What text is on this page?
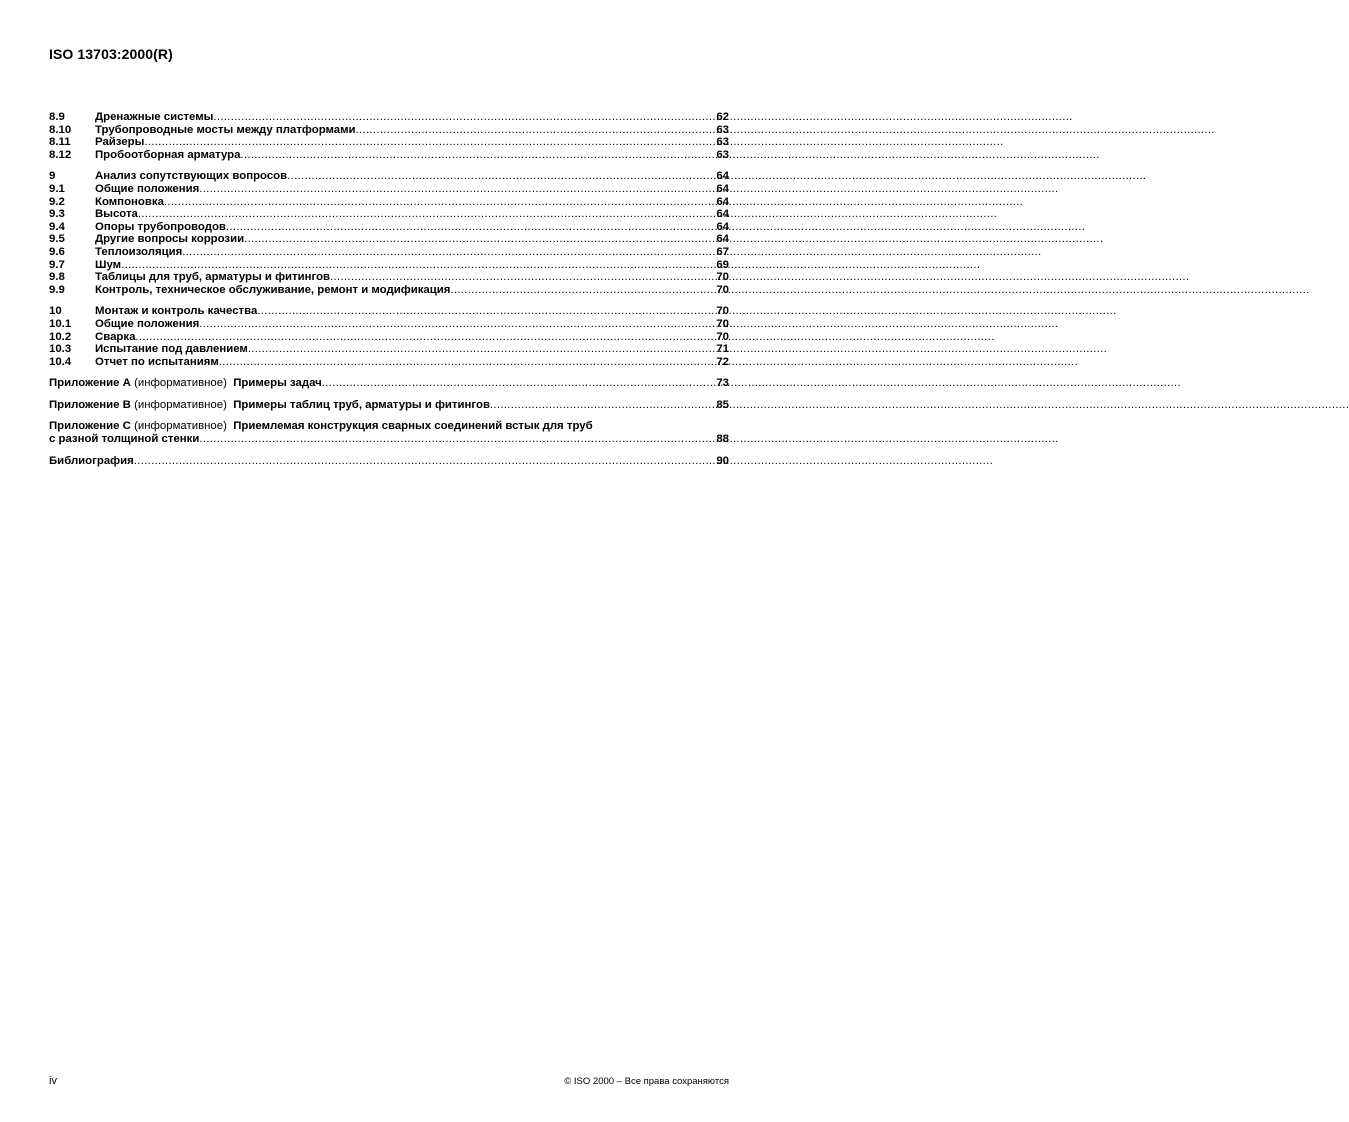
ISO 13703:2000(R)
8.9	Дренажные системы .....	62
8.10	Трубопроводные мосты между платформами .....	63
8.11	Райзеры .....	63
8.12	Пробоотборная арматура .....	63
9	Анализ сопутствующих вопросов .....	64
9.1	Общие положения .....	64
9.2	Компоновка .....	64
9.3	Высота .....	64
9.4	Опоры трубопроводов .....	64
9.5	Другие вопросы коррозии .....	64
9.6	Теплоизоляция .....	67
9.7	Шум .....	69
9.8	Таблицы для труб, арматуры и фитингов .....	70
9.9	Контроль, техническое обслуживание, ремонт и модификация .....	70
10	Монтаж и контроль качества .....	70
10.1	Общие положения .....	70
10.2	Сварка .....	70
10.3	Испытание под давлением .....	71
10.4	Отчет по испытаниям .....	72
Приложение А (информативное) Примеры задач .....	73
Приложение В (информативное) Примеры таблиц труб, арматуры и фитингов .....	85
Приложение С (информативное) Приемлемая конструкция сварных соединений встык для труб
с разной толщиной стенки .....	88
Библиография .....	90
iv	© ISO 2000 – Все права сохраняются
